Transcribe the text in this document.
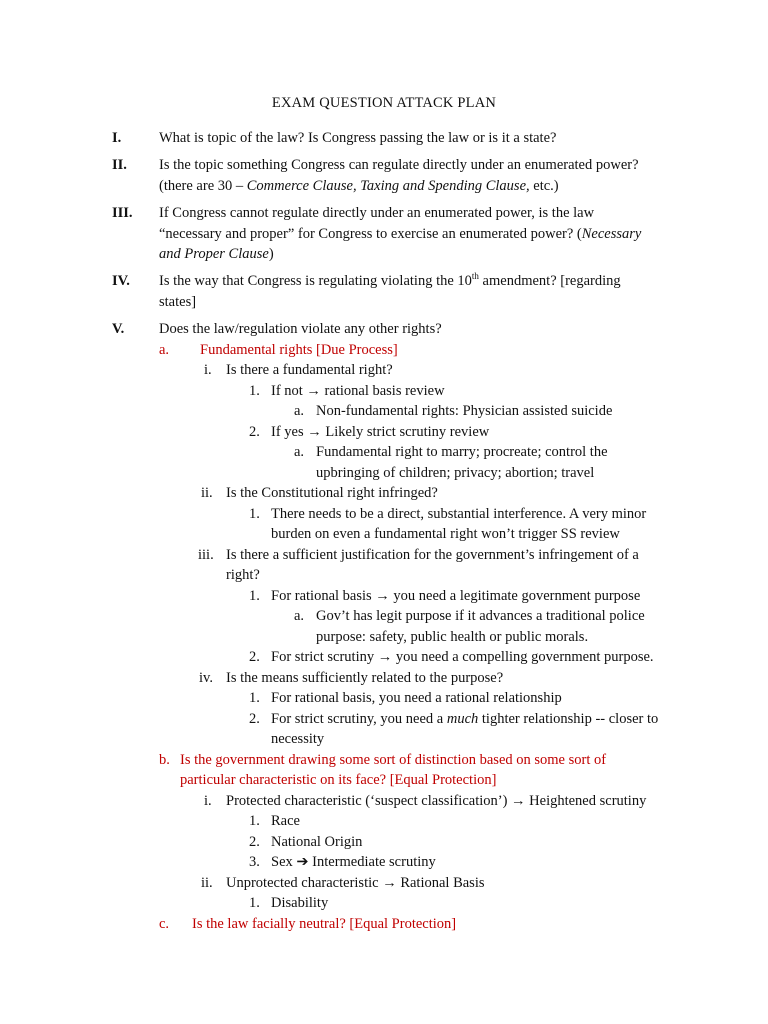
EXAM QUESTION ATTACK PLAN
I.	What is topic of the law? Is Congress passing the law or is it a state?
II. Is the topic something Congress can regulate directly under an enumerated power?
(there are 30 – Commerce Clause, Taxing and Spending Clause, etc.)
III. If Congress cannot regulate directly under an enumerated power, is the law
“necessary and proper” for Congress to exercise an enumerated power? (Necessary
and Proper Clause)
IV. Is the way that Congress is regulating violating the 10th amendment? [regarding
states]
V. Does the law/regulation violate any other rights?
a. Fundamental rights [Due Process]
i. Is there a fundamental right?
1. If not → rational basis review
a. Non-fundamental rights: Physician assisted suicide
2. If yes → Likely strict scrutiny review
a. Fundamental right to marry; procreate; control the
upbringing of children; privacy; abortion; travel
ii. Is the Constitutional right infringed?
1. There needs to be a direct, substantial interference. A very minor
burden on even a fundamental right won’t trigger SS review
iii. Is there a sufficient justification for the government’s infringement of a
right?
1. For rational basis → you need a legitimate government purpose
a. Gov’t has legit purpose if it advances a traditional police
purpose: safety, public health or public morals.
2. For strict scrutiny → you need a compelling government purpose.
iv. Is the means sufficiently related to the purpose?
1. For rational basis, you need a rational relationship
2. For strict scrutiny, you need a much tighter relationship -- closer to
necessity
b. Is the government drawing some sort of distinction based on some sort of
particular characteristic on its face? [Equal Protection]
i. Protected characteristic (‘suspect classification’) → Heightened scrutiny
1. Race
2. National Origin
3. Sex ➔ Intermediate scrutiny
ii. Unprotected characteristic → Rational Basis
1. Disability
c. Is the law facially neutral? [Equal Protection]
